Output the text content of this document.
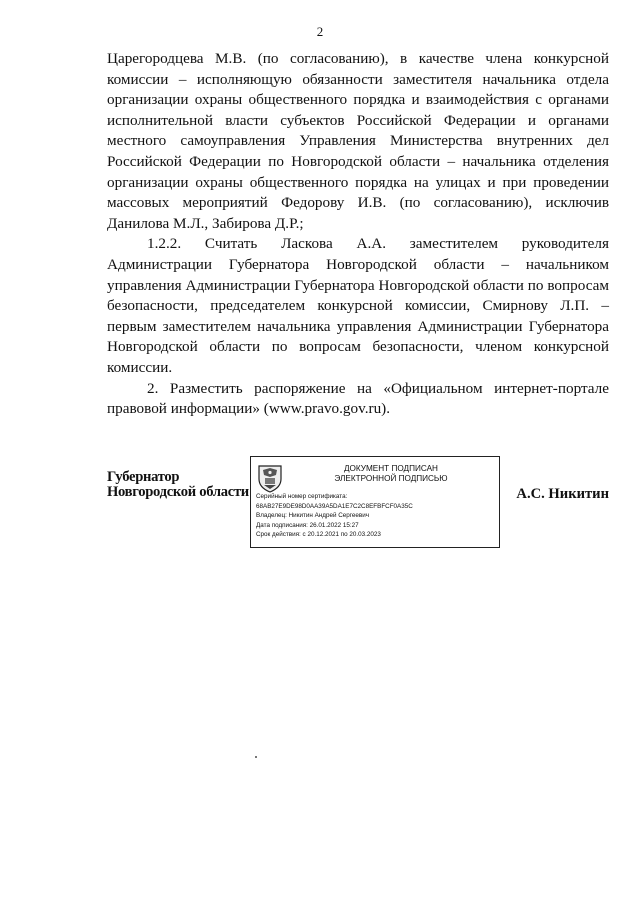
2

Царегородцева М.В. (по согласованию), в качестве члена конкурсной комиссии – исполняющую обязанности заместителя начальника отдела организации охраны общественного порядка и взаимодействия с органами исполнительной власти субъектов Российской Федерации и органами местного самоуправления Управления Министерства внутренних дел Российской Федерации по Новгородской области – начальника отделения организации охраны общественного порядка на улицах и при проведении массовых мероприятий Федорову И.В. (по согласованию), исключив Данилова М.Л., Забирова Д.Р.;

1.2.2. Считать Ласкова А.А. заместителем руководителя Администрации Губернатора Новгородской области – начальником управления Администрации Губернатора Новгородской области по вопросам безопасности, председателем конкурсной комиссии, Смирнову Л.П. – первым заместителем начальника управления Администрации Губернатора Новгородской области по вопросам безопасности, членом конкурсной комиссии.

2. Разместить распоряжение на «Официальном интернет-портале правовой информации» (www.pravo.gov.ru).

Губернатор
Новгородской области
ДОКУМЕНТ ПОДПИСАН
ЭЛЕКТРОННОЙ ПОДПИСЬЮ
Серийный номер сертификата:
68AB27E9DE98D0AA39A5DA1E7C2C8EFBFCF0A35C
Владелец: Никитин Андрей Сергеевич
Дата подписания: 26.01.2022 15:27
Срок действия: с 20.12.2021 по 20.03.2023
А.С. Никитин
